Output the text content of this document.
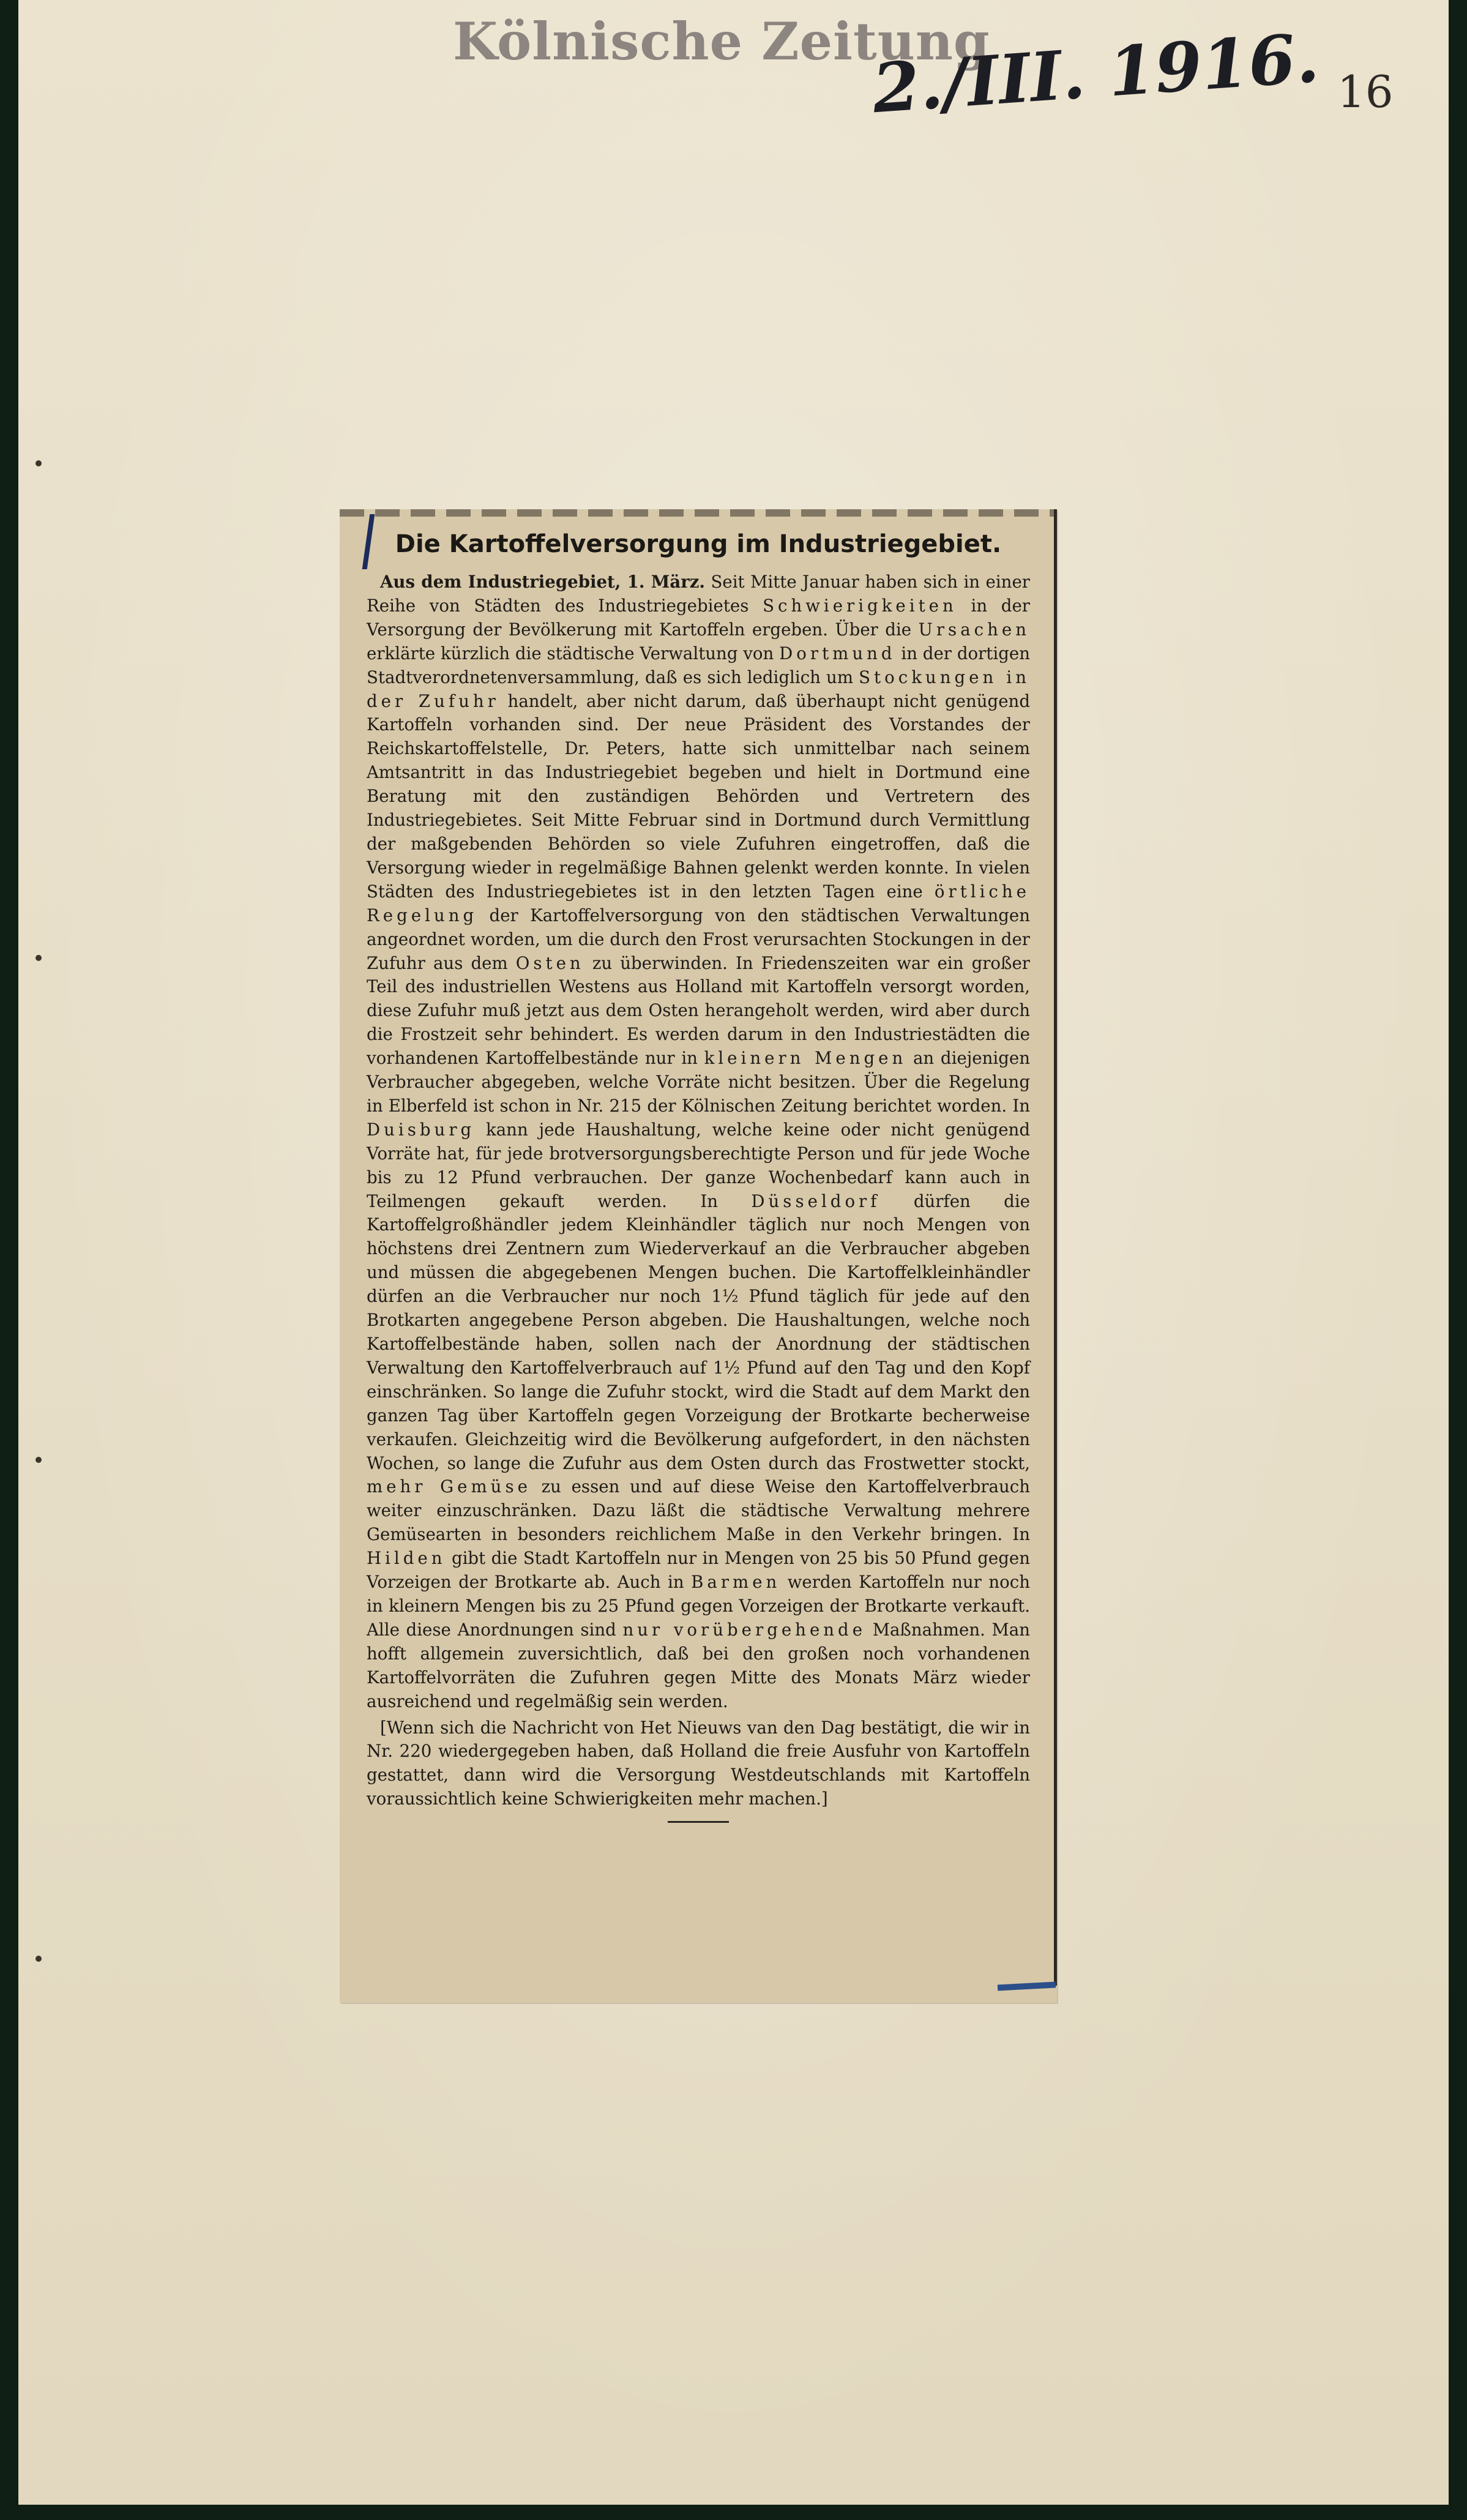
Kölnische Zeitung
2./III. 1916. 16
Die Kartoffelversorgung im Industriegebiet.

Aus dem Industriegebiet, 1. März. Seit Mitte Januar haben sich in einer Reihe von Städten des Industriegebietes Schwierigkeiten in der Versorgung der Bevölkerung mit Kartoffeln ergeben. Über die Ursachen erklärte kürzlich die städtische Verwaltung von Dortmund in der dortigen Stadtverordnetenversammlung, daß es sich lediglich um Stockungen in der Zufuhr handelt, aber nicht darum, daß überhaupt nicht genügend Kartoffeln vorhanden sind. Der neue Präsident des Vorstandes der Reichskartoffelstelle, Dr. Peters, hatte sich unmittelbar nach seinem Amtsantritt in das Industriegebiet begeben und hielt in Dortmund eine Beratung mit den zuständigen Behörden und Vertretern des Industriegebietes. Seit Mitte Februar sind in Dortmund durch Vermittlung der maßgebenden Behörden so viele Zufuhren eingetroffen, daß die Versorgung wieder in regelmäßige Bahnen gelenkt werden konnte. In vielen Städten des Industriegebietes ist in den letzten Tagen eine örtliche Regelung der Kartoffelversorgung von den städtischen Verwaltungen angeordnet worden, um die durch den Frost verursachten Stockungen in der Zufuhr aus dem Osten zu überwinden. In Friedenszeiten war ein großer Teil des industriellen Westens aus Holland mit Kartoffeln versorgt worden, diese Zufuhr muß jetzt aus dem Osten herangeholt werden, wird aber durch die Frostzeit sehr behindert. Es werden darum in den Industriestädten die vorhandenen Kartoffelbestände nur in kleinern Mengen an diejenigen Verbraucher abgegeben, welche Vorräte nicht besitzen. Über die Regelung in Elberfeld ist schon in Nr. 215 der Kölnischen Zeitung berichtet worden. In Duisburg kann jede Haushaltung, welche keine oder nicht genügend Vorräte hat, für jede brotversorgungsberechtigte Person und für jede Woche bis zu 12 Pfund verbrauchen. Der ganze Wochenbedarf kann auch in Teilmengen gekauft werden. In Düsseldorf dürfen die Kartoffelgroßhändler jedem Kleinhändler täglich nur noch Mengen von höchstens drei Zentnern zum Wiederverkauf an die Verbraucher abgeben und müssen die abgegebenen Mengen buchen. Die Kartoffelkleinhändler dürfen an die Verbraucher nur noch 1½ Pfund täglich für jede auf den Brotkarten angegebene Person abgeben. Die Haushaltungen, welche noch Kartoffelbestände haben, sollen nach der Anordnung der städtischen Verwaltung den Kartoffelverbrauch auf 1½ Pfund auf den Tag und den Kopf einschränken. So lange die Zufuhr stockt, wird die Stadt auf dem Markt den ganzen Tag über Kartoffeln gegen Vorzeigung der Brotkarte becherweise verkaufen. Gleichzeitig wird die Bevölkerung aufgefordert, in den nächsten Wochen, so lange die Zufuhr aus dem Osten durch das Frostwetter stockt, mehr Gemüse zu essen und auf diese Weise den Kartoffelverbrauch weiter einzuschränken. Dazu läßt die städtische Verwaltung mehrere Gemüsearten in besonders reichlichem Maße in den Verkehr bringen. In Hilden gibt die Stadt Kartoffeln nur in Mengen von 25 bis 50 Pfund gegen Vorzeigen der Brotkarte ab. Auch in Barmen werden Kartoffeln nur noch in kleinern Mengen bis zu 25 Pfund gegen Vorzeigen der Brotkarte verkauft. Alle diese Anordnungen sind nur vorübergehende Maßnahmen. Man hofft allgemein zuversichtlich, daß bei den großen noch vorhandenen Kartoffelvorräten die Zufuhren gegen Mitte des Monats März wieder ausreichend und regelmäßig sein werden.

[Wenn sich die Nachricht von Het Nieuws van den Dag bestätigt, die wir in Nr. 220 wiedergegeben haben, daß Holland die freie Ausfuhr von Kartoffeln gestattet, dann wird die Versorgung Westdeutschlands mit Kartoffeln voraussichtlich keine Schwierigkeiten mehr machen.]
